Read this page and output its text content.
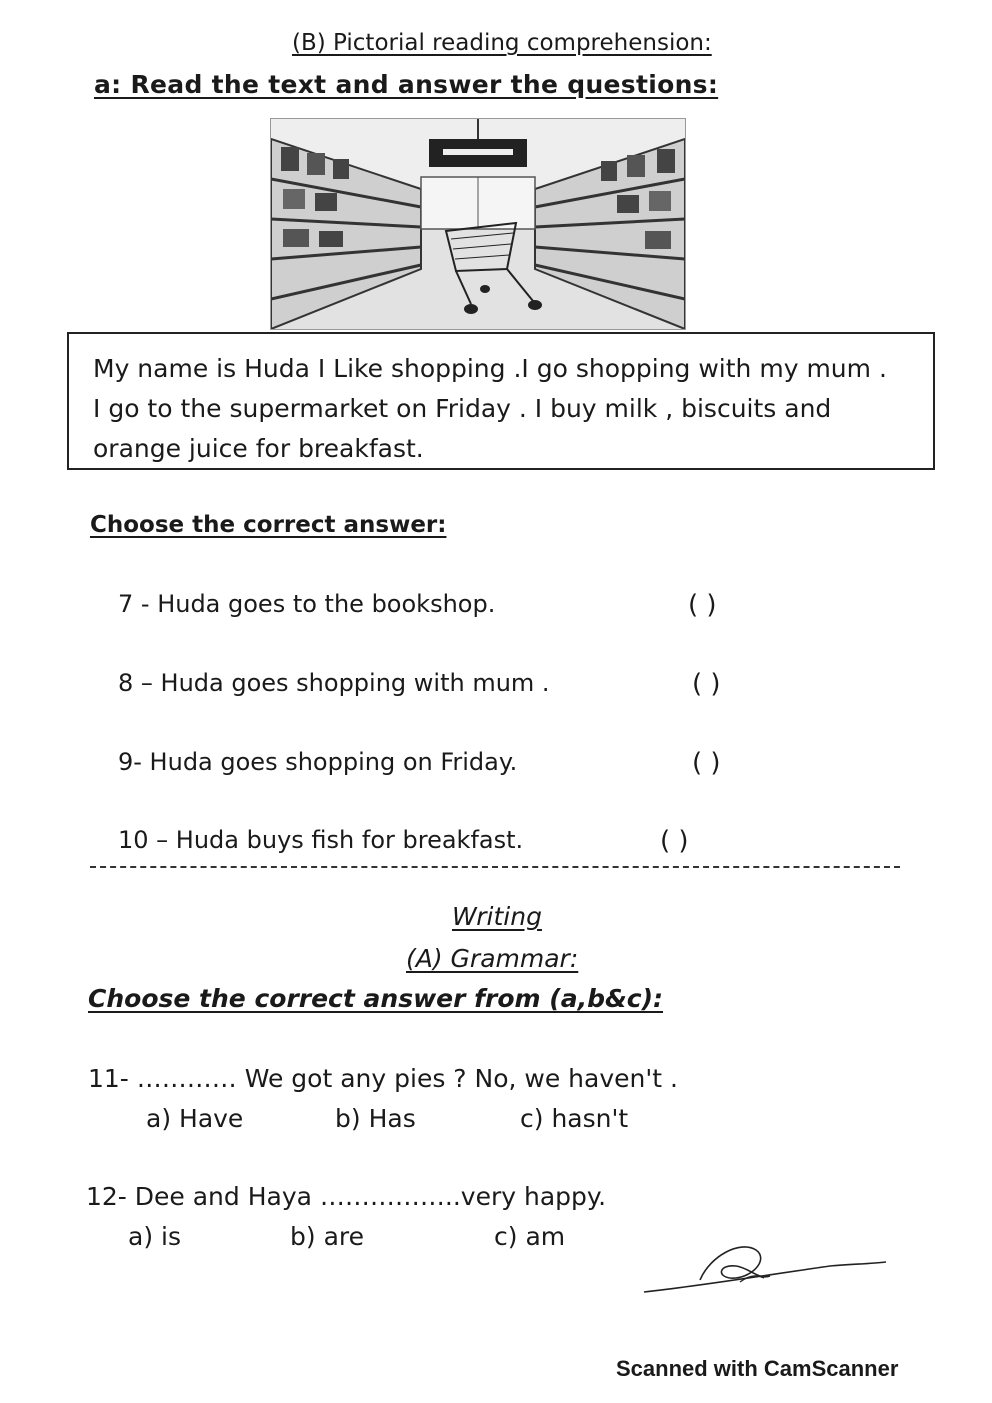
(B) Pictorial reading comprehension:
a: Read the text and answer the questions:
My name is Huda I Like shopping .I go shopping with my mum .
I go to the supermarket on Friday . I buy milk , biscuits and
orange juice for breakfast.
Choose the correct answer:
7 - Huda goes to the bookshop.	( )
8 – Huda goes shopping with mum .	( )
9- Huda goes shopping on Friday.	( )
10 – Huda buys fish for breakfast.	( )
Writing
(A) Grammar:
Choose the correct answer from (a,b&c):
11- ………… We got any pies ? No, we haven't .
a) Have	b) Has	c) hasn't
12- Dee and Haya ……………..very happy.
a) is	b) are	c) am
Scanned with CamScanner
